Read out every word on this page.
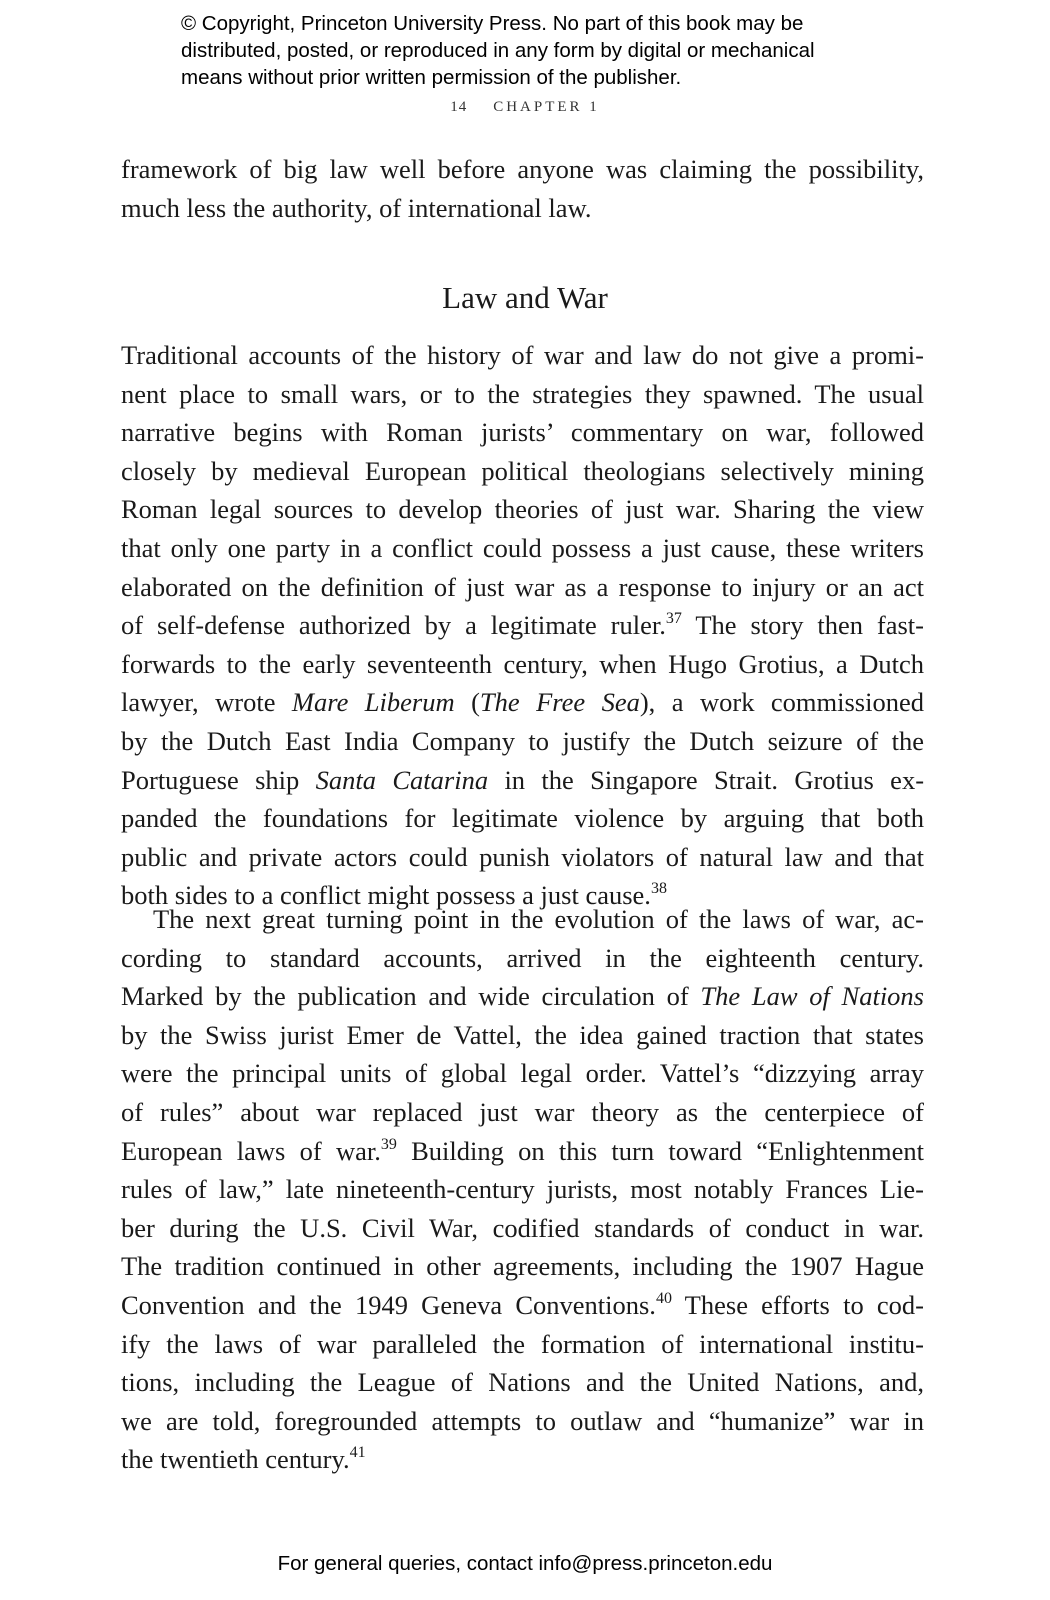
© Copyright, Princeton University Press. No part of this book may be
distributed, posted, or reproduced in any form by digital or mechanical
means without prior written permission of the publisher.
14 CHAPTER 1
framework of big law well before anyone was claiming the possibility,
much less the authority, of international law.
Law and War
Traditional accounts of the history of war and law do not give a promi-
nent place to small wars, or to the strategies they spawned. The usual
narrative begins with Roman jurists’ commentary on war, followed
closely by medieval European political theologians selectively mining
Roman legal sources to develop theories of just war. Sharing the view
that only one party in a conflict could possess a just cause, these writers
elaborated on the definition of just war as a response to injury or an act
of self-defense authorized by a legitimate ruler.$^{37}$ The story then fast-
forwards to the early seventeenth century, when Hugo Grotius, a Dutch
lawyer, wrote Mare Liberum (The Free Sea), a work commissioned
by the Dutch East India Company to justify the Dutch seizure of the
Portuguese ship Santa Catarina in the Singapore Strait. Grotius ex-
panded the foundations for legitimate violence by arguing that both
public and private actors could punish violators of natural law and that
both sides to a conflict might possess a just cause.$^{38}$
The next great turning point in the evolution of the laws of war, ac-
cording to standard accounts, arrived in the eighteenth century.
Marked by the publication and wide circulation of The Law of Nations
by the Swiss jurist Emer de Vattel, the idea gained traction that states
were the principal units of global legal order. Vattel’s “dizzying array
of rules” about war replaced just war theory as the centerpiece of
European laws of war.$^{39}$ Building on this turn toward “Enlightenment
rules of law,” late nineteenth-century jurists, most notably Frances Lie-
ber during the U.S. Civil War, codified standards of conduct in war.
The tradition continued in other agreements, including the 1907 Hague
Convention and the 1949 Geneva Conventions.$^{40}$ These efforts to cod-
ify the laws of war paralleled the formation of international institu-
tions, including the League of Nations and the United Nations, and,
we are told, foregrounded attempts to outlaw and “humanize” war in
the twentieth century.$^{41}$
For general queries, contact info@press.princeton.edu
